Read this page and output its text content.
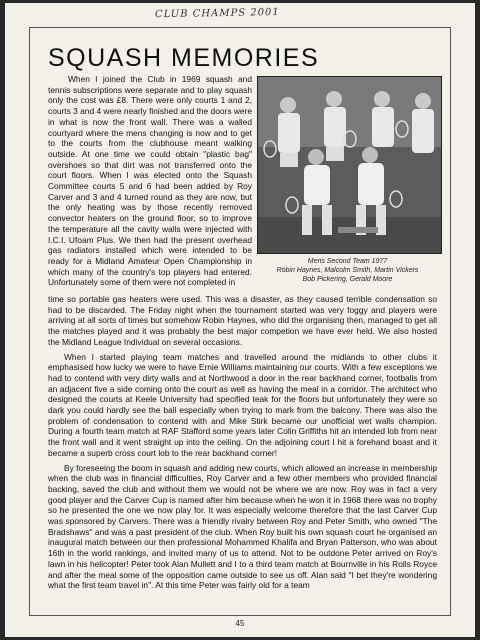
CLUB CHAMPS 2001
SQUASH MEMORIES
When I joined the Club in 1969 squash and tennis subscriptions were separate and to play squash only the cost was £8. There were only courts 1 and 2, courts 3 and 4 were nearly finished and the doors were in what is now the front wall. There was a walled courtyard where the mens changing is now and to get to the courts from the clubhouse meant walking outside. At one time we could obtain "plastic bag" overshoes so that dirt was not transferred onto the court floors. When I was elected onto the Squash Committee courts 5 and 6 had been added by Roy Carver and 3 and 4 turned round as they are now, but the only heating was by those recently removed convector heaters on the ground floor, so to improve the temperature all the cavity walls were injected with I.C.I. Ufoam Plus. We then had the present overhead gas radiators installed which were intended to be ready for a Midland Amateur Open Championship in which many of the country's top players had entered. Unfortunately some of them were not completed in
Mens Second Team 1977
Robin Haynes, Malcolm Smith, Martin Vickers
Bob Pickering, Gerald Moore

time so portable gas heaters were used. This was a disaster, as they caused terrible condensation so had to be discarded. The Friday night when the tournament started was very foggy and players were arriving at all sorts of times but somehow Robin Haynes, who did the organising then, managed to get all the matches played and it was probably the best major competion we have ever held. We also hosted the Midland League Individual on several occasions.

When I started playing team matches and travelled around the midlands to other clubs it emphasised how lucky we were to have Ernie Williams maintaining our courts. With a few exceptions we had to contend with very dirty walls and at Northwood a door in the rear backhand corner, footballs from an adjacent five a side coming onto the court as well as having the meal in a corridor. The architect who designed the courts at Keele University had specified teak for the floors but unfortunately they were so dark you could hardly see the ball especially when trying to mark from the balcony. There was also the problem of condensation to contend with and Mike Stirk became our unofficial wet walls champion. During a fourth team match at RAF Stafford some years later Colin Griffiths hit an intended lob from near the front wall and it went straight up into the ceiling. On the adjoining court I hit a forehand boast and it became a superb cross court lob to the rear backhand corner!

By foreseeing the boom in squash and adding new courts, which allowed an increase in membership when the club was in financial difficulties, Roy Carver and a few other members who provided financial backing, saved the club and without them we would not be where we are now. Roy was in fact a very good player and the Carver Cup is named after him because when he won it in 1968 there was no trophy so he presented the one we now play for. It was especially welcome therefore that the last Carver Cup was sponsored by Carvers. There was a friendly rivalry between Roy and Peter Smith, who owned "The Bradshaws" and was a past president of the club. When Roy built his own squash court he organised an inaugural match between our then professional Mohammed Khalifa and Bryan Patterson, who was about 16th in the world rankings, and invited many of us to attend. Not to be outdone Peter arrived on Roy's lawn in his helicopter! Peter took Alan Mullett and I to a third team match at Bournville in his Rolls Royce and after the meal some of the opposition came outside to see us off. Alan said "I bet they're wondering what the first team travel in". At this time Peter was fairly old for a team

45
